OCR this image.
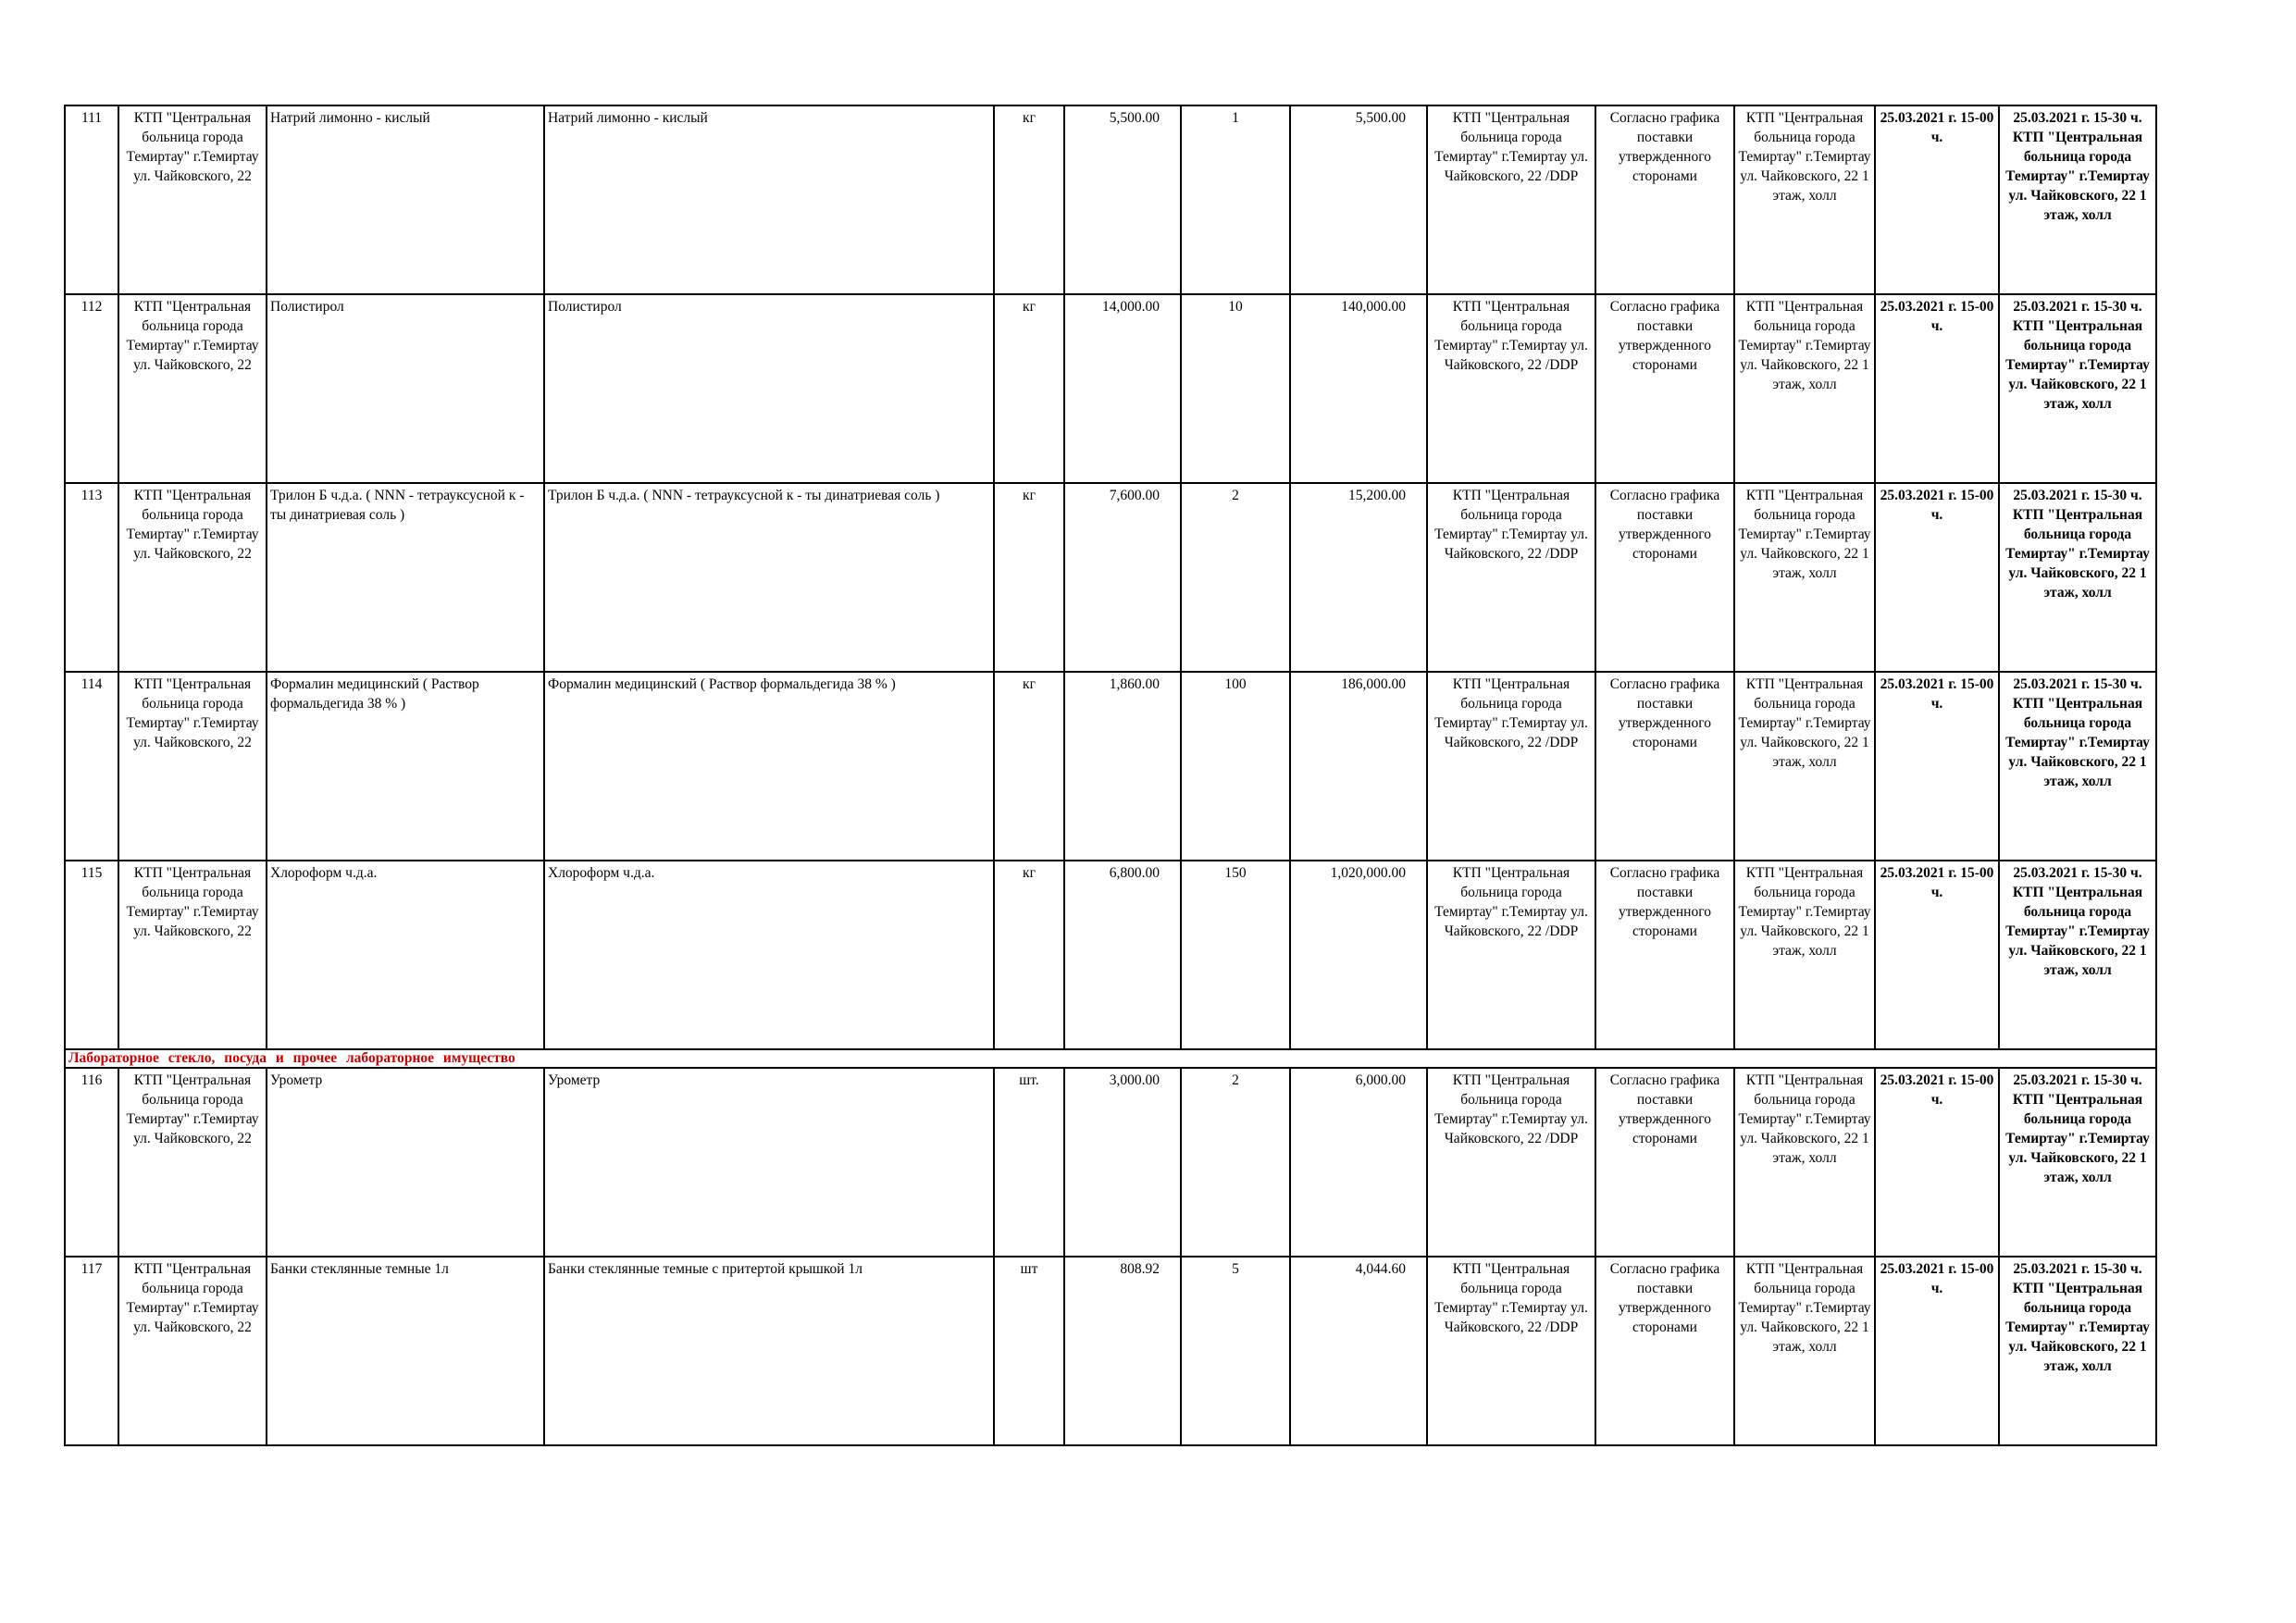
111	КТП "Центральная больница города Темиртау" г.Темиртау ул. Чайковского, 22	Натрий лимонно - кислый	Натрий лимонно - кислый	кг	5,500.00	1	5,500.00	КТП "Центральная больница города Темиртау" г.Темиртау ул. Чайковского, 22 /DDP	Согласно графика поставки утвержденного сторонами	КТП "Центральная больница города Темиртау" г.Темиртау ул. Чайковского, 22 1 этаж, холл	25.03.2021 г. 15-00 ч.	25.03.2021 г. 15-30 ч. КТП "Центральная больница города Темиртау" г.Темиртау ул. Чайковского, 22 1 этаж, холл
112	КТП "Центральная больница города Темиртау" г.Темиртау ул. Чайковского, 22	Полистирол	Полистирол	кг	14,000.00	10	140,000.00	КТП "Центральная больница города Темиртау" г.Темиртау ул. Чайковского, 22 /DDP	Согласно графика поставки утвержденного сторонами	КТП "Центральная больница города Темиртау" г.Темиртау ул. Чайковского, 22 1 этаж, холл	25.03.2021 г. 15-00 ч.	25.03.2021 г. 15-30 ч. КТП "Центральная больница города Темиртау" г.Темиртау ул. Чайковского, 22 1 этаж, холл
113	КТП "Центральная больница города Темиртау" г.Темиртау ул. Чайковского, 22	Трилон Б ч.д.а. ( NNN - тетрауксусной к - ты динатриевая соль )	Трилон Б ч.д.а. ( NNN - тетрауксусной к - ты динатриевая соль )	кг	7,600.00	2	15,200.00	КТП "Центральная больница города Темиртау" г.Темиртау ул. Чайковского, 22 /DDP	Согласно графика поставки утвержденного сторонами	КТП "Центральная больница города Темиртау" г.Темиртау ул. Чайковского, 22 1 этаж, холл	25.03.2021 г. 15-00 ч.	25.03.2021 г. 15-30 ч. КТП "Центральная больница города Темиртау" г.Темиртау ул. Чайковского, 22 1 этаж, холл
114	КТП "Центральная больница города Темиртау" г.Темиртау ул. Чайковского, 22	Формалин медицинский ( Раствор формальдегида 38 % )	Формалин медицинский ( Раствор формальдегида 38 % )	кг	1,860.00	100	186,000.00	КТП "Центральная больница города Темиртау" г.Темиртау ул. Чайковского, 22 /DDP	Согласно графика поставки утвержденного сторонами	КТП "Центральная больница города Темиртау" г.Темиртау ул. Чайковского, 22 1 этаж, холл	25.03.2021 г. 15-00 ч.	25.03.2021 г. 15-30 ч. КТП "Центральная больница города Темиртау" г.Темиртау ул. Чайковского, 22 1 этаж, холл
115	КТП "Центральная больница города Темиртау" г.Темиртау ул. Чайковского, 22	Хлороформ ч.д.а.	Хлороформ ч.д.а.	кг	6,800.00	150	1,020,000.00	КТП "Центральная больница города Темиртау" г.Темиртау ул. Чайковского, 22 /DDP	Согласно графика поставки утвержденного сторонами	КТП "Центральная больница города Темиртау" г.Темиртау ул. Чайковского, 22 1 этаж, холл	25.03.2021 г. 15-00 ч.	25.03.2021 г. 15-30 ч. КТП "Центральная больница города Темиртау" г.Темиртау ул. Чайковского, 22 1 этаж, холл
Лабораторное стекло, посуда и прочее лабораторное имущество												
116	КТП "Центральная больница города Темиртау" г.Темиртау ул. Чайковского, 22	Урометр	Урометр	шт.	3,000.00	2	6,000.00	КТП "Центральная больница города Темиртау" г.Темиртау ул. Чайковского, 22 /DDP	Согласно графика поставки утвержденного сторонами	КТП "Центральная больница города Темиртау" г.Темиртау ул. Чайковского, 22 1 этаж, холл	25.03.2021 г. 15-00 ч.	25.03.2021 г. 15-30 ч. КТП "Центральная больница города Темиртау" г.Темиртау ул. Чайковского, 22 1 этаж, холл
117	КТП "Центральная больница города Темиртау" г.Темиртау ул. Чайковского, 22	Банки стеклянные темные 1л	Банки стеклянные темные с притертой крышкой 1л	шт	808.92	5	4,044.60	КТП "Центральная больница города Темиртау" г.Темиртау ул. Чайковского, 22 /DDP	Согласно графика поставки утвержденного сторонами	КТП "Центральная больница города Темиртау" г.Темиртау ул. Чайковского, 22 1 этаж, холл	25.03.2021 г. 15-00 ч.	25.03.2021 г. 15-30 ч. КТП "Центральная больница города Темиртау" г.Темиртау ул. Чайковского, 22 1 этаж, холл
